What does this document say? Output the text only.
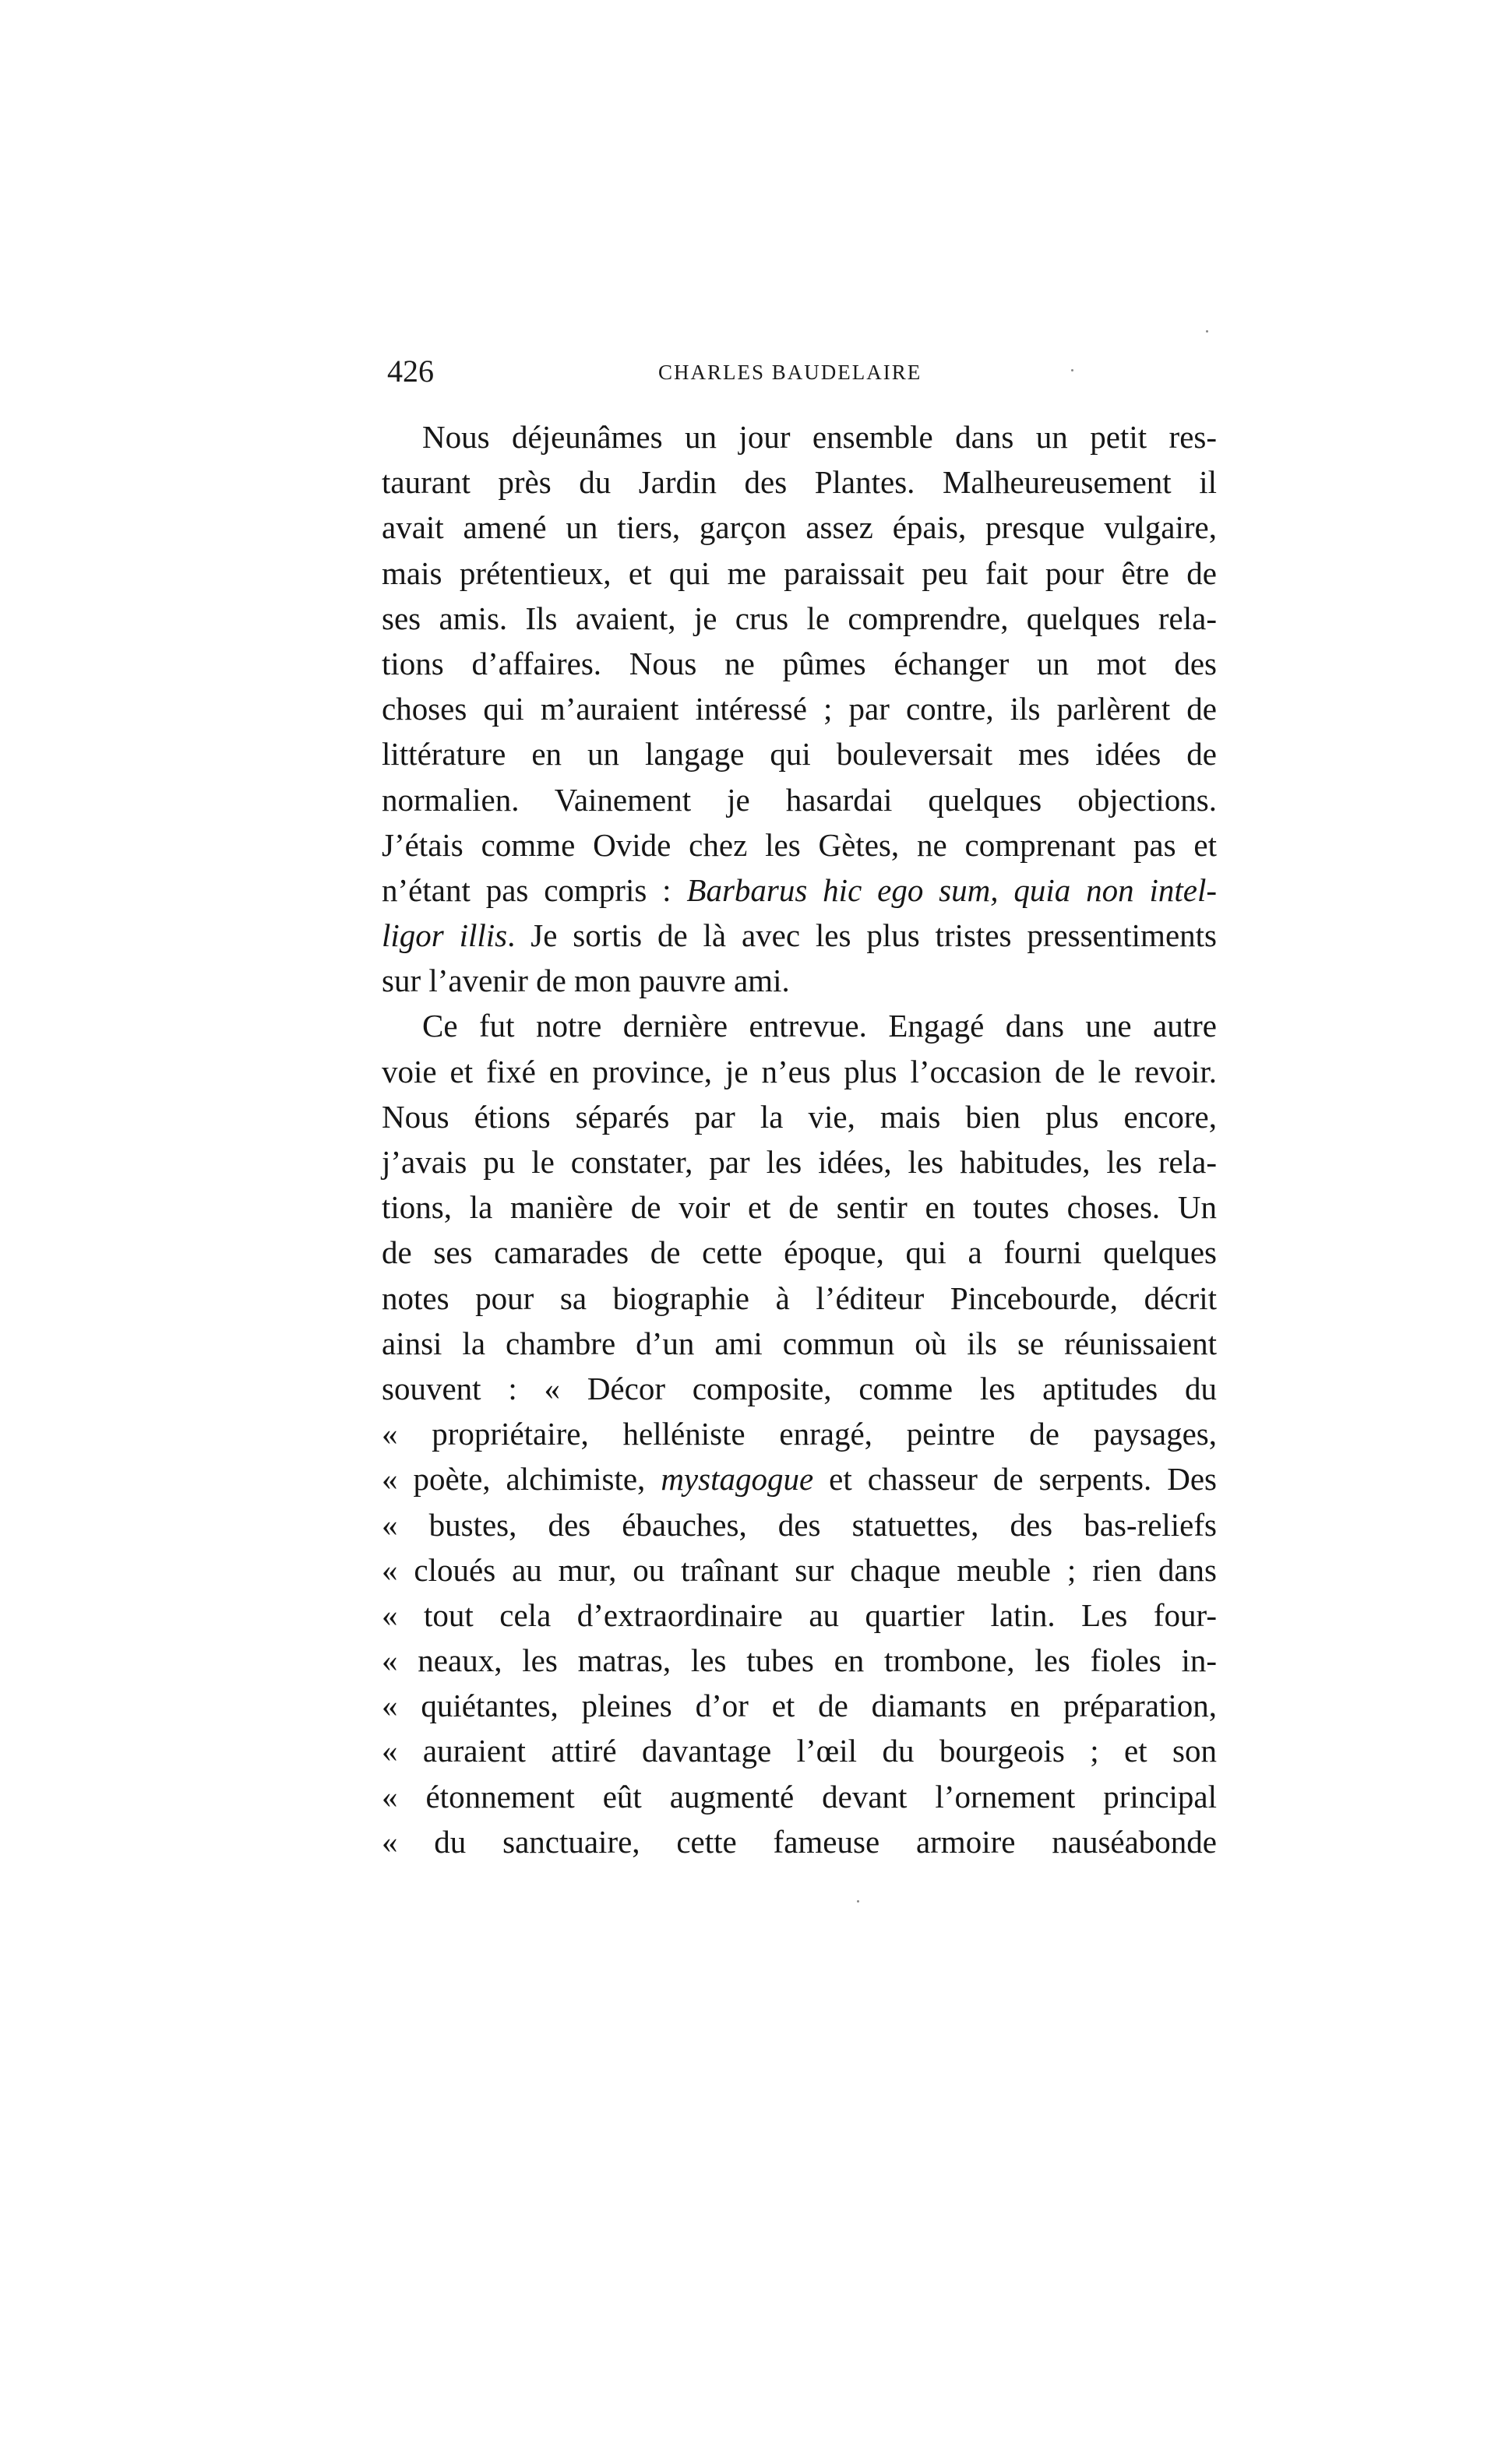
426	CHARLES BAUDELAIRE
Nous déjeunâmes un jour ensemble dans un petit res-
taurant près du Jardin des Plantes. Malheureusement il
avait amené un tiers, garçon assez épais, presque vulgaire,
mais prétentieux, et qui me paraissait peu fait pour être de
ses amis. Ils avaient, je crus le comprendre, quelques rela-
tions d’affaires. Nous ne pûmes échanger un mot des
choses qui m’auraient intéressé ; par contre, ils parlèrent de
littérature en un langage qui bouleversait mes idées de
normalien. Vainement je hasardai quelques objections.
J’étais comme Ovide chez les Gètes, ne comprenant pas et
n’étant pas compris : Barbarus hic ego sum, quia non intel-
ligor illis. Je sortis de là avec les plus tristes pressentiments
sur l’avenir de mon pauvre ami.
Ce fut notre dernière entrevue. Engagé dans une autre
voie et fixé en province, je n’eus plus l’occasion de le revoir.
Nous étions séparés par la vie, mais bien plus encore,
j’avais pu le constater, par les idées, les habitudes, les rela-
tions, la manière de voir et de sentir en toutes choses. Un
de ses camarades de cette époque, qui a fourni quelques
notes pour sa biographie à l’éditeur Pincebourde, décrit
ainsi la chambre d’un ami commun où ils se réunissaient
souvent : « Décor composite, comme les aptitudes du
« propriétaire, helléniste enragé, peintre de paysages,
« poète, alchimiste, mystagogue et chasseur de serpents. Des
« bustes, des ébauches, des statuettes, des bas-reliefs
« cloués au mur, ou traînant sur chaque meuble ; rien dans
« tout cela d’extraordinaire au quartier latin. Les four-
« neaux, les matras, les tubes en trombone, les fioles in-
« quiétantes, pleines d’or et de diamants en préparation,
« auraient attiré davantage l’œil du bourgeois ; et son
« étonnement eût augmenté devant l’ornement principal
« du sanctuaire, cette fameuse armoire nauséabonde
